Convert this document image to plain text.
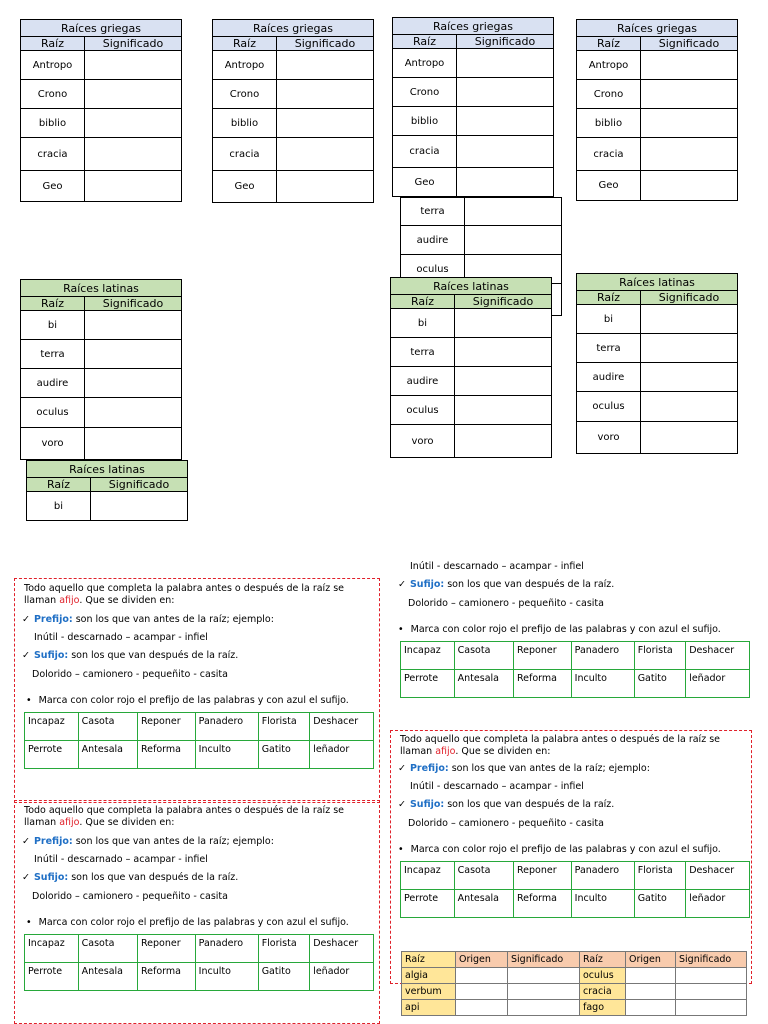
Raíces griegas	
Raíz	Significado
Antropo	
Crono	
biblio	
cracia	
Geo	
Raíces griegas	
Raíz	Significado
Antropo	
Crono	
biblio	
cracia	
Geo	
Raíces griegas	
Raíz	Significado
Antropo	
Crono	
biblio	
cracia	
Geo	
Raíces griegas	
Raíz	Significado
Antropo	
Crono	
biblio	
cracia	
Geo	
terra	
audire	
oculus	

Raíces latinas	
Raíz	Significado
bi	
terra	
audire	
oculus	
voro	
Raíces latinas	
Raíz	Significado
bi	
terra	
audire	
oculus	
voro	
Raíces latinas	
Raíz	Significado
bi	
terra	
audire	
oculus	
voro	
Raíces latinas	
Raíz	Significado
bi	

Todo aquello que completa la palabra antes o después de la raíz se llaman afijo. Que se dividen en:

✓ Prefijo: son los que van antes de la raíz; ejemplo:

Inútil - descarnado – acampar - infiel

✓ Sufijo: son los que van después de la raíz.

Dolorido – camionero - pequeñito - casita

• Marca con color rojo el prefijo de las palabras y con azul el sufijo.

Incapaz	Casota	Reponer	Panadero	Florista	Deshacer
Perrote	Antesala	Reforma	Inculto	Gatito	leñador

Todo aquello que completa la palabra antes o después de la raíz se llaman afijo. Que se dividen en:

✓ Prefijo: son los que van antes de la raíz; ejemplo:

Inútil - descarnado – acampar - infiel

✓ Sufijo: son los que van después de la raíz.

Dolorido – camionero - pequeñito - casita

• Marca con color rojo el prefijo de las palabras y con azul el sufijo.

Incapaz	Casota	Reponer	Panadero	Florista	Deshacer
Perrote	Antesala	Reforma	Inculto	Gatito	leñador

Inútil - descarnado – acampar - infiel

✓ Sufijo: son los que van después de la raíz.

Dolorido – camionero - pequeñito - casita

• Marca con color rojo el prefijo de las palabras y con azul el sufijo.

Incapaz	Casota	Reponer	Panadero	Florista	Deshacer
Perrote	Antesala	Reforma	Inculto	Gatito	leñador

Todo aquello que completa la palabra antes o después de la raíz se llaman afijo. Que se dividen en:

✓ Prefijo: son los que van antes de la raíz; ejemplo:

Inútil - descarnado – acampar - infiel

✓ Sufijo: son los que van después de la raíz.

Dolorido – camionero - pequeñito - casita

• Marca con color rojo el prefijo de las palabras y con azul el sufijo.

Incapaz	Casota	Reponer	Panadero	Florista	Deshacer
Perrote	Antesala	Reforma	Inculto	Gatito	leñador
Raíz	Origen	Significado	Raíz	Origen	Significado
algia			oculus		
verbum			cracia		
api			fago		
